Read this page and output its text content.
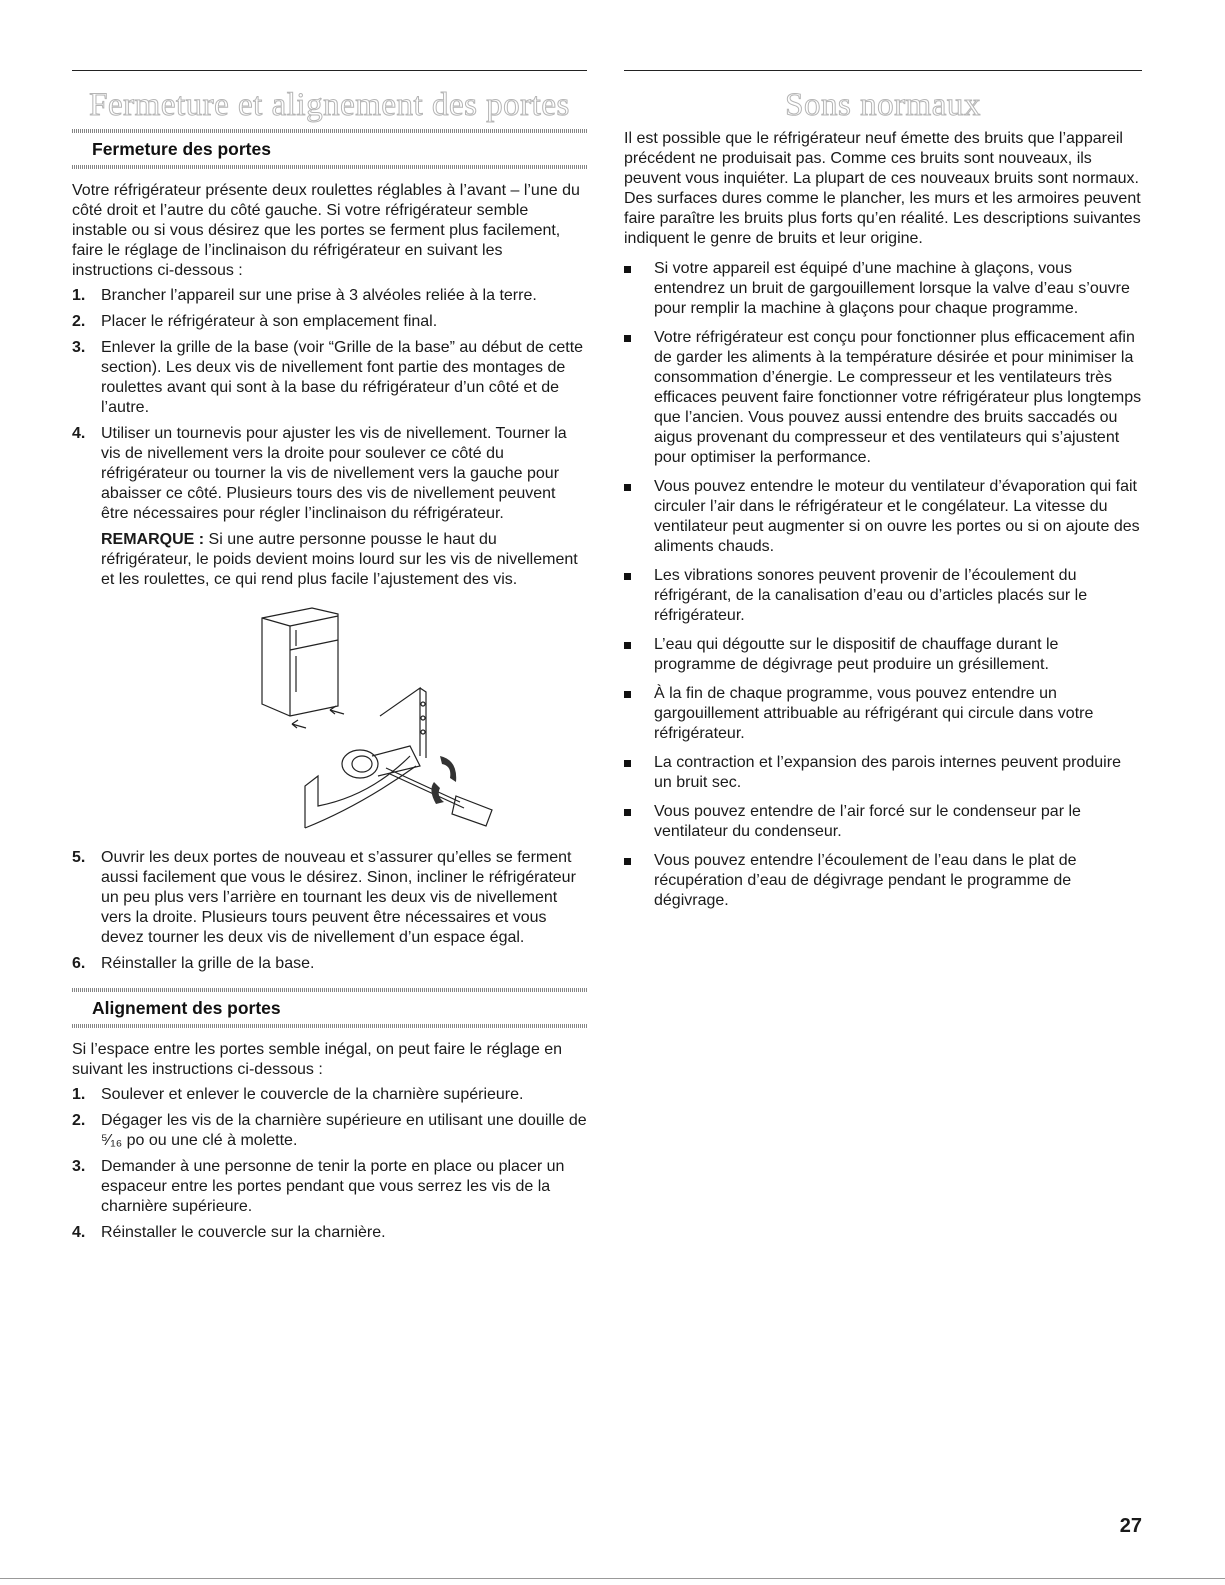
Fermeture et alignement des portes
Fermeture des portes

Votre réfrigérateur présente deux roulettes réglables à l’avant – l’une du côté droit et l’autre du côté gauche. Si votre réfrigérateur semble instable ou si vous désirez que les portes se ferment plus facilement, faire le réglage de l’inclinaison du réfrigérateur en suivant les instructions ci-dessous :

1. Brancher l’appareil sur une prise à 3 alvéoles reliée à la terre.
2. Placer le réfrigérateur à son emplacement final.
3. Enlever la grille de la base (voir “Grille de la base” au début de cette section). Les deux vis de nivellement font partie des montages de roulettes avant qui sont à la base du réfrigérateur d’un côté et de l’autre.
4. Utiliser un tournevis pour ajuster les vis de nivellement. Tourner la vis de nivellement vers la droite pour soulever ce côté du réfrigérateur ou tourner la vis de nivellement vers la gauche pour abaisser ce côté. Plusieurs tours des vis de nivellement peuvent être nécessaires pour régler l’inclinaison du réfrigérateur.

REMARQUE : Si une autre personne pousse le haut du réfrigérateur, le poids devient moins lourd sur les vis de nivellement et les roulettes, ce qui rend plus facile l’ajustement des vis.

5. Ouvrir les deux portes de nouveau et s’assurer qu’elles se ferment aussi facilement que vous le désirez. Sinon, incliner le réfrigérateur un peu plus vers l’arrière en tournant les deux vis de nivellement vers la droite. Plusieurs tours peuvent être nécessaires et vous devez tourner les deux vis de nivellement d’un espace égal.
6. Réinstaller la grille de la base.
Alignement des portes

Si l’espace entre les portes semble inégal, on peut faire le réglage en suivant les instructions ci-dessous :

1. Soulever et enlever le couvercle de la charnière supérieure.
2. Dégager les vis de la charnière supérieure en utilisant une douille de ⁵⁄₁₆ po ou une clé à molette.
3. Demander à une personne de tenir la porte en place ou placer un espaceur entre les portes pendant que vous serrez les vis de la charnière supérieure.
4. Réinstaller le couvercle sur la charnière.
Sons normaux

Il est possible que le réfrigérateur neuf émette des bruits que l’appareil précédent ne produisait pas. Comme ces bruits sont nouveaux, ils peuvent vous inquiéter. La plupart de ces nouveaux bruits sont normaux. Des surfaces dures comme le plancher, les murs et les armoires peuvent faire paraître les bruits plus forts qu’en réalité. Les descriptions suivantes indiquent le genre de bruits et leur origine.

Si votre appareil est équipé d’une machine à glaçons, vous entendrez un bruit de gargouillement lorsque la valve d’eau s’ouvre pour remplir la machine à glaçons pour chaque programme.
Votre réfrigérateur est conçu pour fonctionner plus efficacement afin de garder les aliments à la température désirée et pour minimiser la consommation d’énergie. Le compresseur et les ventilateurs très efficaces peuvent faire fonctionner votre réfrigérateur plus longtemps que l’ancien. Vous pouvez aussi entendre des bruits saccadés ou aigus provenant du compresseur et des ventilateurs qui s’ajustent pour optimiser la performance.
Vous pouvez entendre le moteur du ventilateur d’évaporation qui fait circuler l’air dans le réfrigérateur et le congélateur. La vitesse du ventilateur peut augmenter si on ouvre les portes ou si on ajoute des aliments chauds.
Les vibrations sonores peuvent provenir de l’écoulement du réfrigérant, de la canalisation d’eau ou d’articles placés sur le réfrigérateur.
L’eau qui dégoutte sur le dispositif de chauffage durant le programme de dégivrage peut produire un grésillement.
À la fin de chaque programme, vous pouvez entendre un gargouillement attribuable au réfrigérant qui circule dans votre réfrigérateur.
La contraction et l’expansion des parois internes peuvent produire un bruit sec.
Vous pouvez entendre de l’air forcé sur le condenseur par le ventilateur du condenseur.
Vous pouvez entendre l’écoulement de l’eau dans le plat de récupération d’eau de dégivrage pendant le programme de dégivrage.
27
